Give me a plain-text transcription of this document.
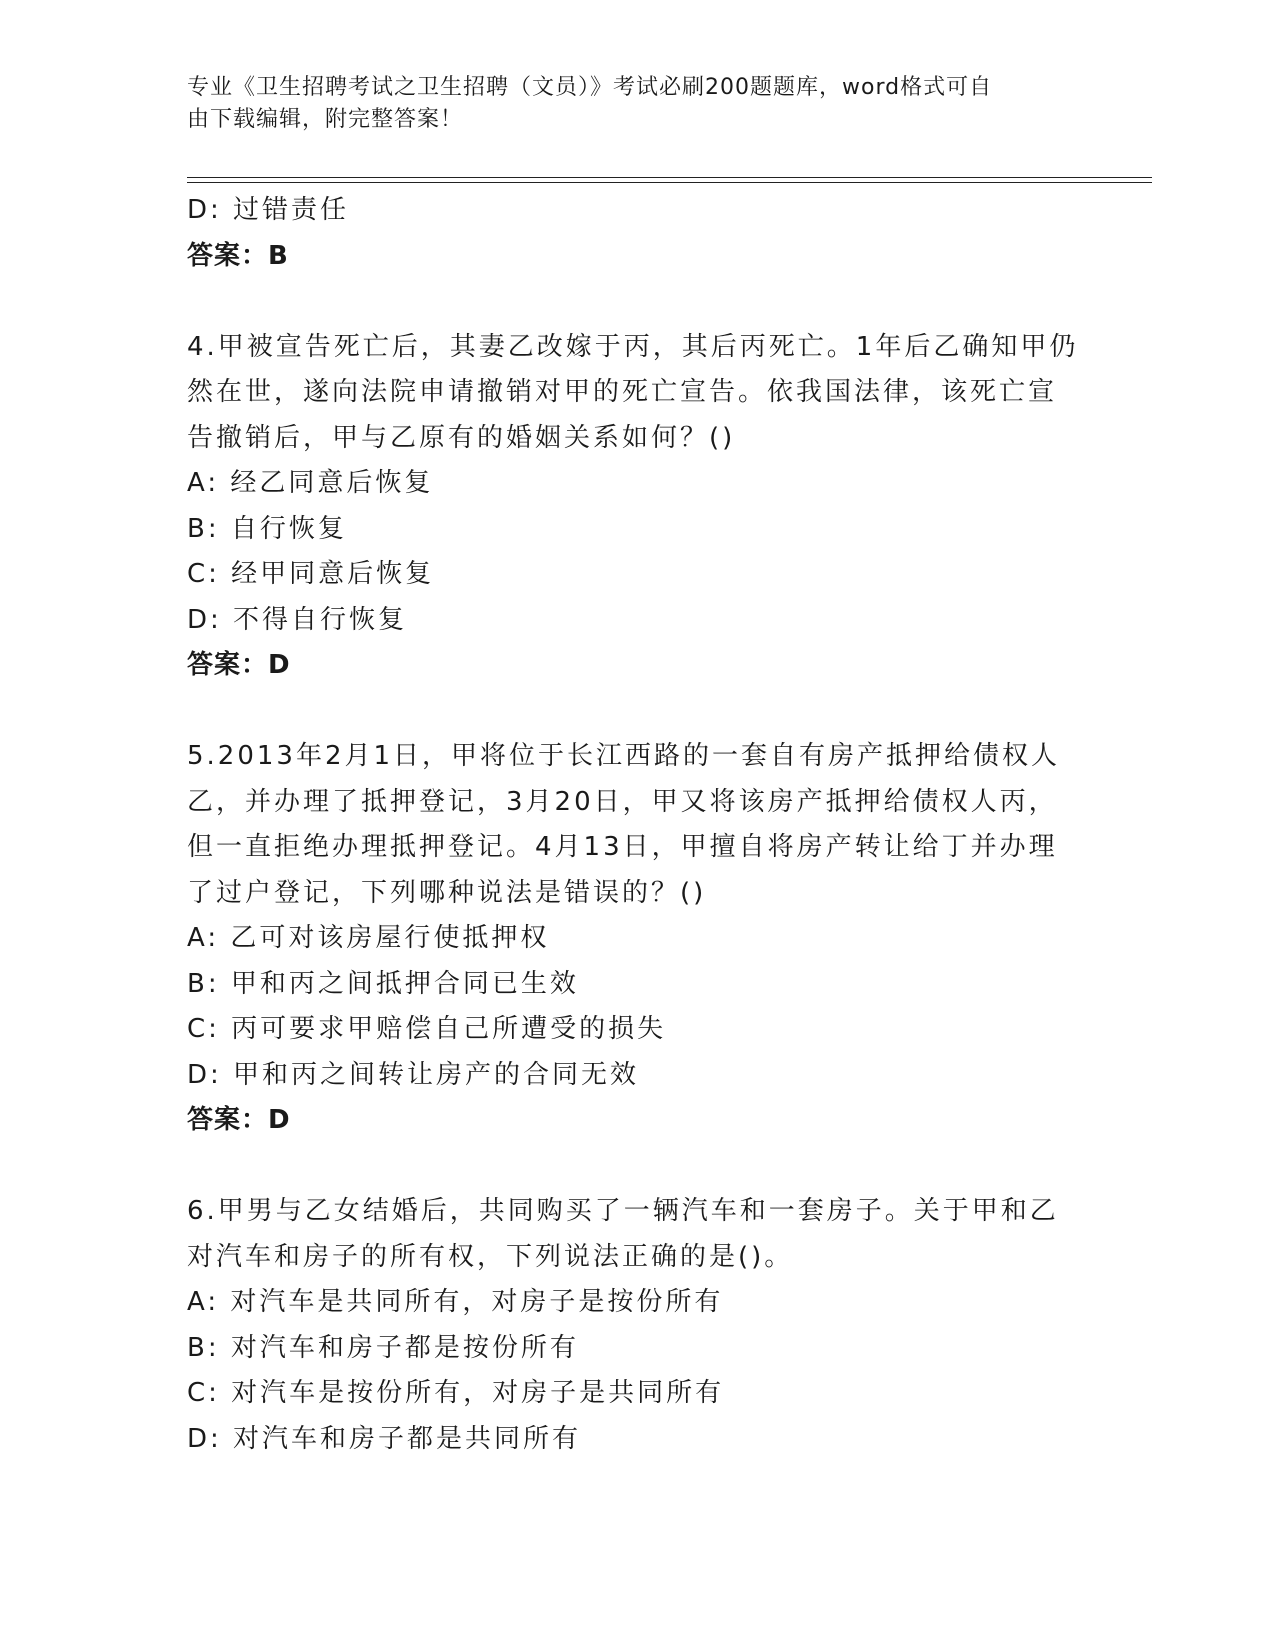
专业《卫生招聘考试之卫生招聘（文员）》考试必刷200题题库，word格式可自
由下载编辑，附完整答案！
D: 过错责任
答案：B
4.甲被宣告死亡后，其妻乙改嫁于丙，其后丙死亡。1年后乙确知甲仍
然在世，遂向法院申请撤销对甲的死亡宣告。依我国法律，该死亡宣
告撤销后，甲与乙原有的婚姻关系如何？()
A: 经乙同意后恢复
B: 自行恢复
C: 经甲同意后恢复
D: 不得自行恢复
答案：D
5.2013年2月1日，甲将位于长江西路的一套自有房产抵押给债权人
乙，并办理了抵押登记，3月20日，甲又将该房产抵押给债权人丙，
但一直拒绝办理抵押登记。4月13日，甲擅自将房产转让给丁并办理
了过户登记，下列哪种说法是错误的？()
A: 乙可对该房屋行使抵押权
B: 甲和丙之间抵押合同已生效
C: 丙可要求甲赔偿自己所遭受的损失
D: 甲和丙之间转让房产的合同无效
答案：D
6.甲男与乙女结婚后，共同购买了一辆汽车和一套房子。关于甲和乙
对汽车和房子的所有权，下列说法正确的是()。
A: 对汽车是共同所有，对房子是按份所有
B: 对汽车和房子都是按份所有
C: 对汽车是按份所有，对房子是共同所有
D: 对汽车和房子都是共同所有
